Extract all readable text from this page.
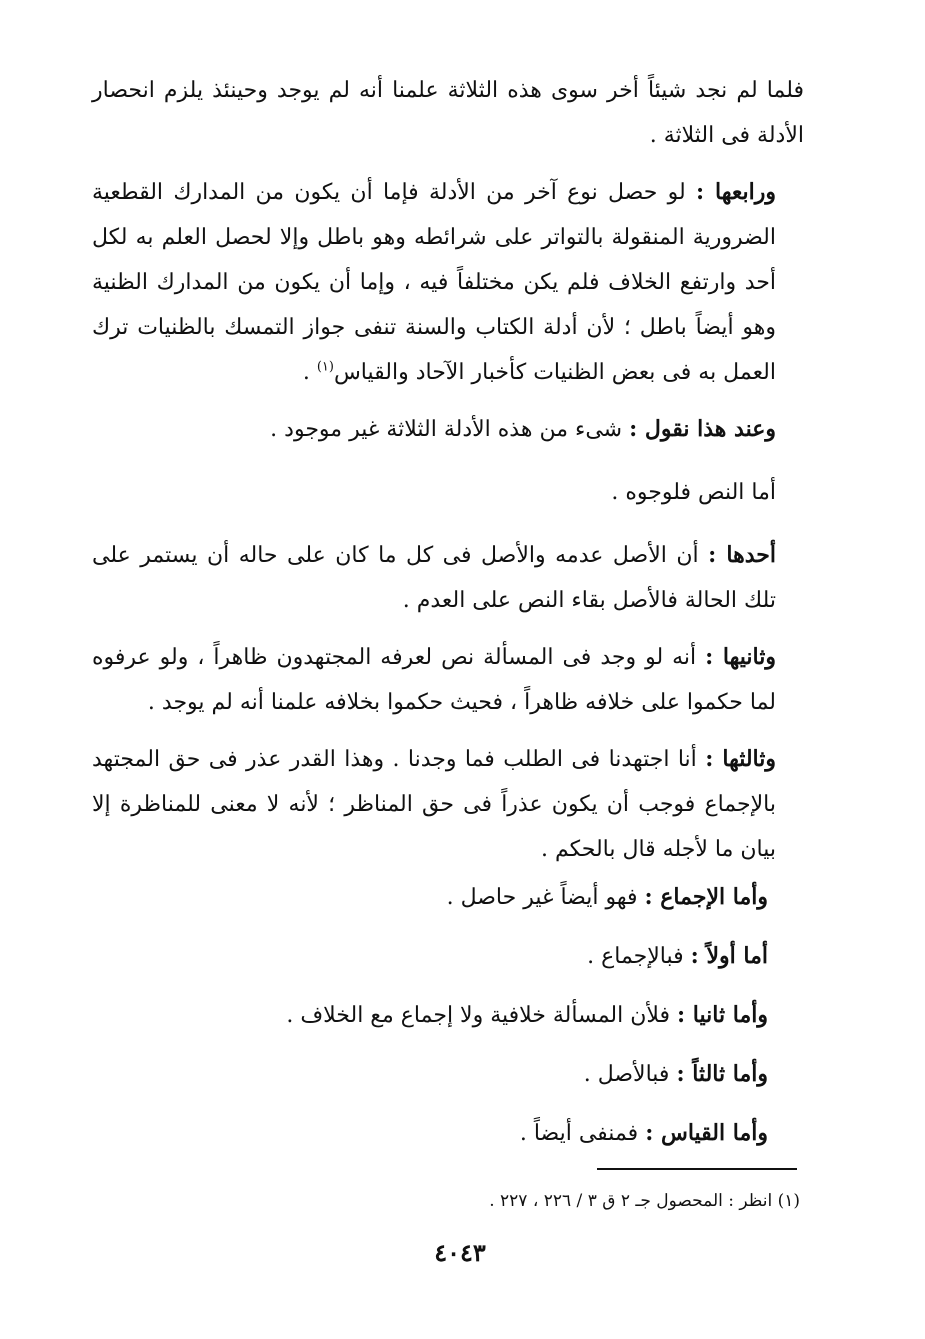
فلما لم نجد شيئاً أخر سوى هذه الثلاثة علمنا أنه لم يوجد وحينئذ يلزم انحصار الأدلة فى الثلاثة .

ورابعها : لو حصل نوع آخر من الأدلة فإما أن يكون من المدارك القطعية الضرورية المنقولة بالتواتر على شرائطه وهو باطل وإلا لحصل العلم به لكل أحد وارتفع الخلاف فلم يكن مختلفاً فيه ، وإما أن يكون من المدارك الظنية وهو أيضاً باطل ؛ لأن أدلة الكتاب والسنة تنفى جواز التمسك بالظنيات ترك العمل به فى بعض الظنيات كأخبار الآحاد والقياس$^{(١)}$ .

وعند هذا نقول : شىء من هذه الأدلة الثلاثة غير موجود .

أما النص فلوجوه .

أحدها : أن الأصل عدمه والأصل فى كل ما كان على حاله أن يستمر على تلك الحالة فالأصل بقاء النص على العدم .

وثانيها : أنه لو وجد فى المسألة نص لعرفه المجتهدون ظاهراً ، ولو عرفوه لما حكموا على خلافه ظاهراً ، فحيث حكموا بخلافه علمنا أنه لم يوجد .

وثالثها : أنا اجتهدنا فى الطلب فما وجدنا . وهذا القدر عذر فى حق المجتهد بالإجماع فوجب أن يكون عذراً فى حق المناظر ؛ لأنه لا معنى للمناظرة إلا بيان ما لأجله قال بالحكم .

وأما الإجماع : فهو أيضاً غير حاصل .
أما أولاً : فبالإجماع .
وأما ثانيا : فلأن المسألة خلافية ولا إجماع مع الخلاف .
وأما ثالثاً : فبالأصل .
وأما القياس : فمنفى أيضاً .
(١) انظر : المحصول جـ ٢ ق ٣ / ٢٢٦ ، ٢٢٧ .
٤٠٤٣
